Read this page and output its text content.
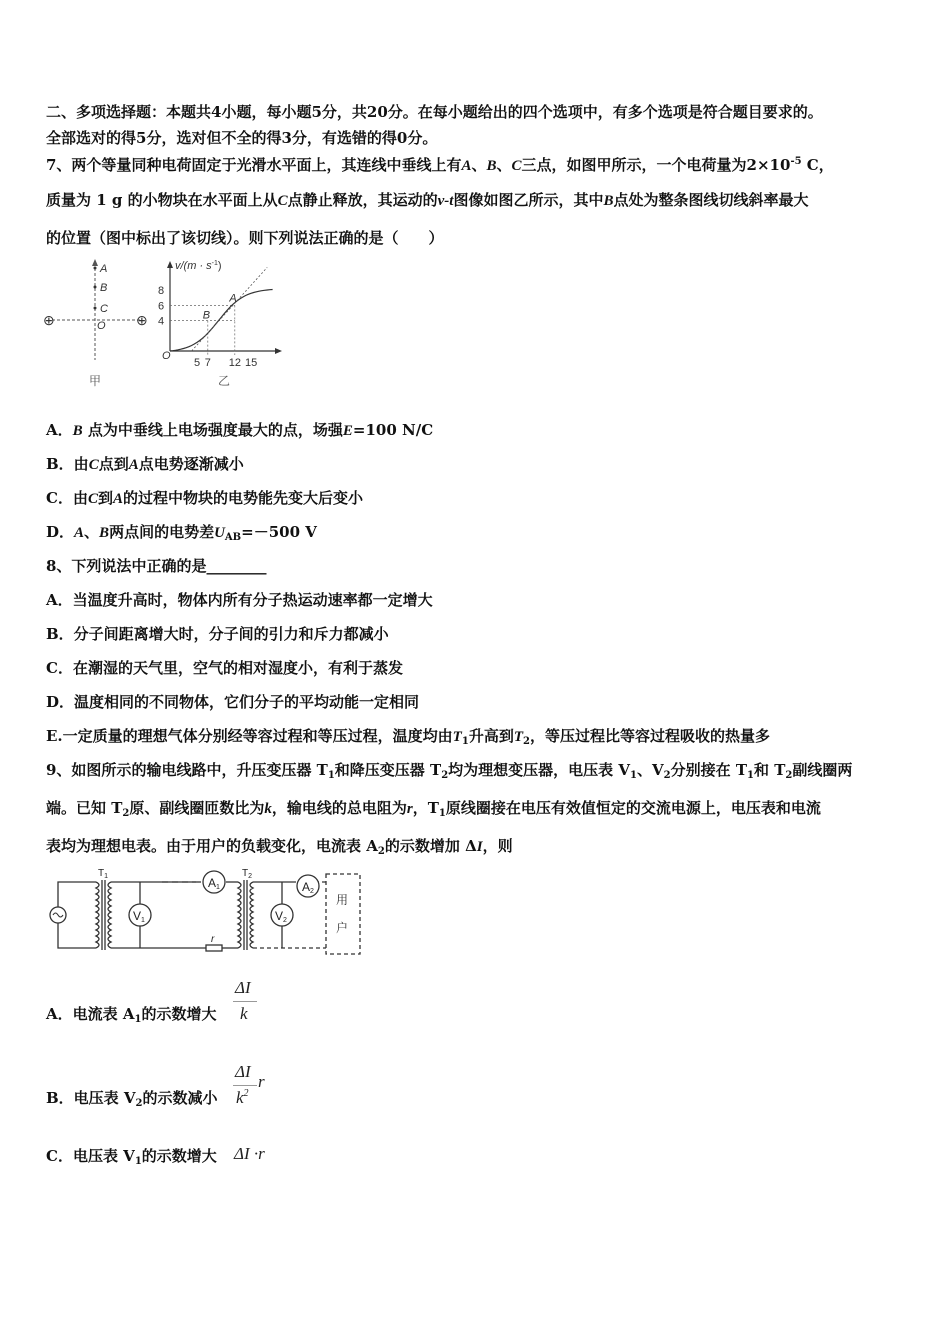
二、多项选择题：本题共4小题，每小题5分，共20分。在每小题给出的四个选项中，有多个选项是符合题目要求的。
全部选对的得5分，选对但不全的得3分，有选错的得0分。
7、两个等量同种电荷固定于光滑水平面上，其连线中垂线上有A、B、C三点，如图甲所示，一个电荷量为$2\times 10^{-5}$ C，
质量为 1 g 的小物块在水平面上从C点静止释放，其运动的v-t图像如图乙所示，其中B点处为整条图线切线斜率最大
的位置（图中标出了该切线）。则下列说法正确的是（　　）
A
B
C
O
⊕	⊕
甲
$v/(m \cdot s^{-1})$
8
6
4
5 7 12 15
A
B
O
乙
A．B 点为中垂线上电场强度最大的点，场强E=100 N/C
B．由C点到A点电势逐渐减小
C．由C到A的过程中物块的电势能先变大后变小
D．A、B两点间的电势差$U_{AB}=-500$ V
8、下列说法中正确的是________
A．当温度升高时，物体内所有分子热运动速率都一定增大
B．分子间距离增大时，分子间的引力和斥力都减小
C．在潮湿的天气里，空气的相对湿度小，有利于蒸发
D．温度相同的不同物体，它们分子的平均动能一定相同
E.一定质量的理想气体分别经等容过程和等压过程，温度均由$T_1$升高到$T_2$，等压过程比等容过程吸收的热量多
9、如图所示的输电线路中，升压变压器 $T_1$和降压变压器 $T_2$均为理想变压器，电压表 $V_1$、$V_2$分别接在 $T_1$和 $T_2$副线圈两
端。已知 $T_2$原、副线圈匝数比为k，输电线的总电阻为r，$T_1$原线圈接在电压有效值恒定的交流电源上，电压表和电流
表均为理想电表。由于用户的负载变化，电流表 $A_2$的示数增加 ΔI，则
V1
A1
V2
A2
$T_1$	$T_2$
r
用
户
A．电流表 $A_1$的示数增大
ΔI
k
B．电压表 $V_2$的示数减小
ΔI
$k^2$
r
C．电压表 $V_1$的示数增大 ΔI ·r
